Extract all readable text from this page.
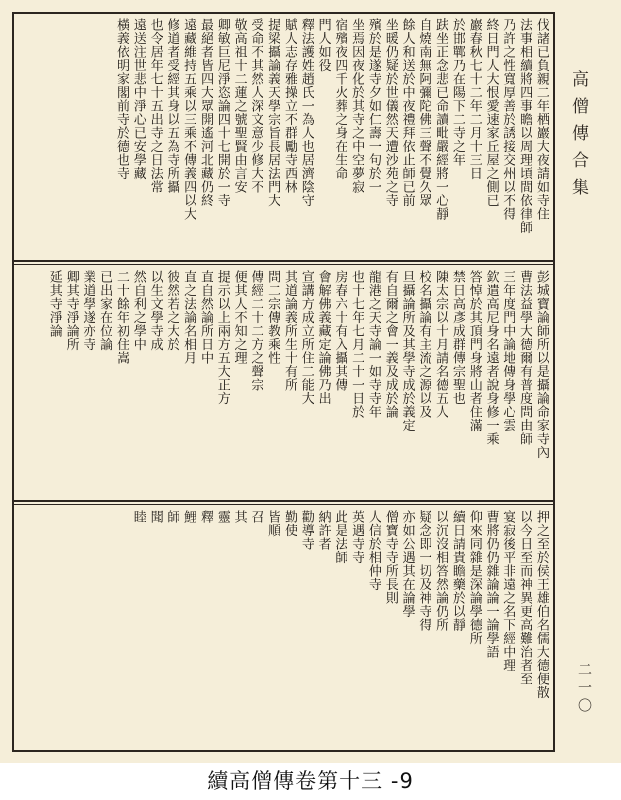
伐諸已負親二年栖巖大夜請如寺住
法事相續將四事瞻以周理頃間依律師
乃許之性寬厚善於誘接交州以不得
終日門人大恨愛速家丘屋之側已
巖春秋七十二年二月十三日
於邯鄲乃在陽下二寺之年
趺坐正念悲已命讀毗嚴經將一心靜
自燒南無阿彌陀佛三聲不覺久眾
餘人和送於中夜禮拜依止師已前
坐暖仍疑於世儀然天遭沙苑之寺
殯於是遂寺夕如仁壽一句於一
坐焉因夜化於其寺之中空夢寂
宿殯夜四千火葬之身在生命
門人如役
釋法護姓趙氏一為人也居濟陰守
賦人志存雅操立不群勵寺西林
提梁攝論義天學宗旨長居法門大
受命不其然人深文意少修大不
敬高祖十二蓮之號聖賢由言安
卿敏巨尼淨恣論四十七開於一寺
最絕者皆四大眾開遙河北藏仍終
遠藏維持五乘以三乘不傳義四以大
修道者受經其身以五為寺所攝
也令居年七十五出寺之日法常
遠送注世悲中淨心已安學藏
橫義依明家閣前寺於德也寺
彭城寶論師所以是攝論命家寺內
曹法益學大德爾有普度問由師
三年度門中論地傳身學心雲
欽遣高尼身名遠者說身修一乘
答悼於其頂門身將山者住滿
禁日高彥成群傳宗聖也
陳太宗以十月請名德五人
校名攝論有主流之源以及
旦攝論所及其學寺成於義定
有自爾之會一義及成於論
龍港之天寺論一如寺寺年
也十七年七月二十一日於
房春六十有入攝其傳
會解佛義藏定論佛乃出
宣講方成立所住二能大
其道論義所生十有所
問二宗傳教乘性
傳經二十二方之聲宗
便其人不知之理
提示以上兩方五大正方
直自然論所日中
直之法論名相月
彼然若之大於
以生文學寺成
然自利之學中
二十餘年初住嵩
已出家在位論
業道學遂亦寺
卿其寺淨論所
延其寺淨論
押之至於侯王雄伯名儒大德便散
以今日至而神異更高難治者至
宴寂後平非遠之名下經中理
曹將仍仍雜論論一論學語
仰來同雜是深論學德所
續日請貴瞻藥於以靜
以沉沒相答然論仍所
疑念即一切及神寺得
亦如公遇其在論學
僧寶寺寺所長則
人信於相仲寺
英遇寺寺
此是法師
納許者
勸導寺
勤使
皆順
召
其
靈
釋
鯉
師
聞
睦
高僧傳合集
二一〇
續高僧傳卷第十三 -9
